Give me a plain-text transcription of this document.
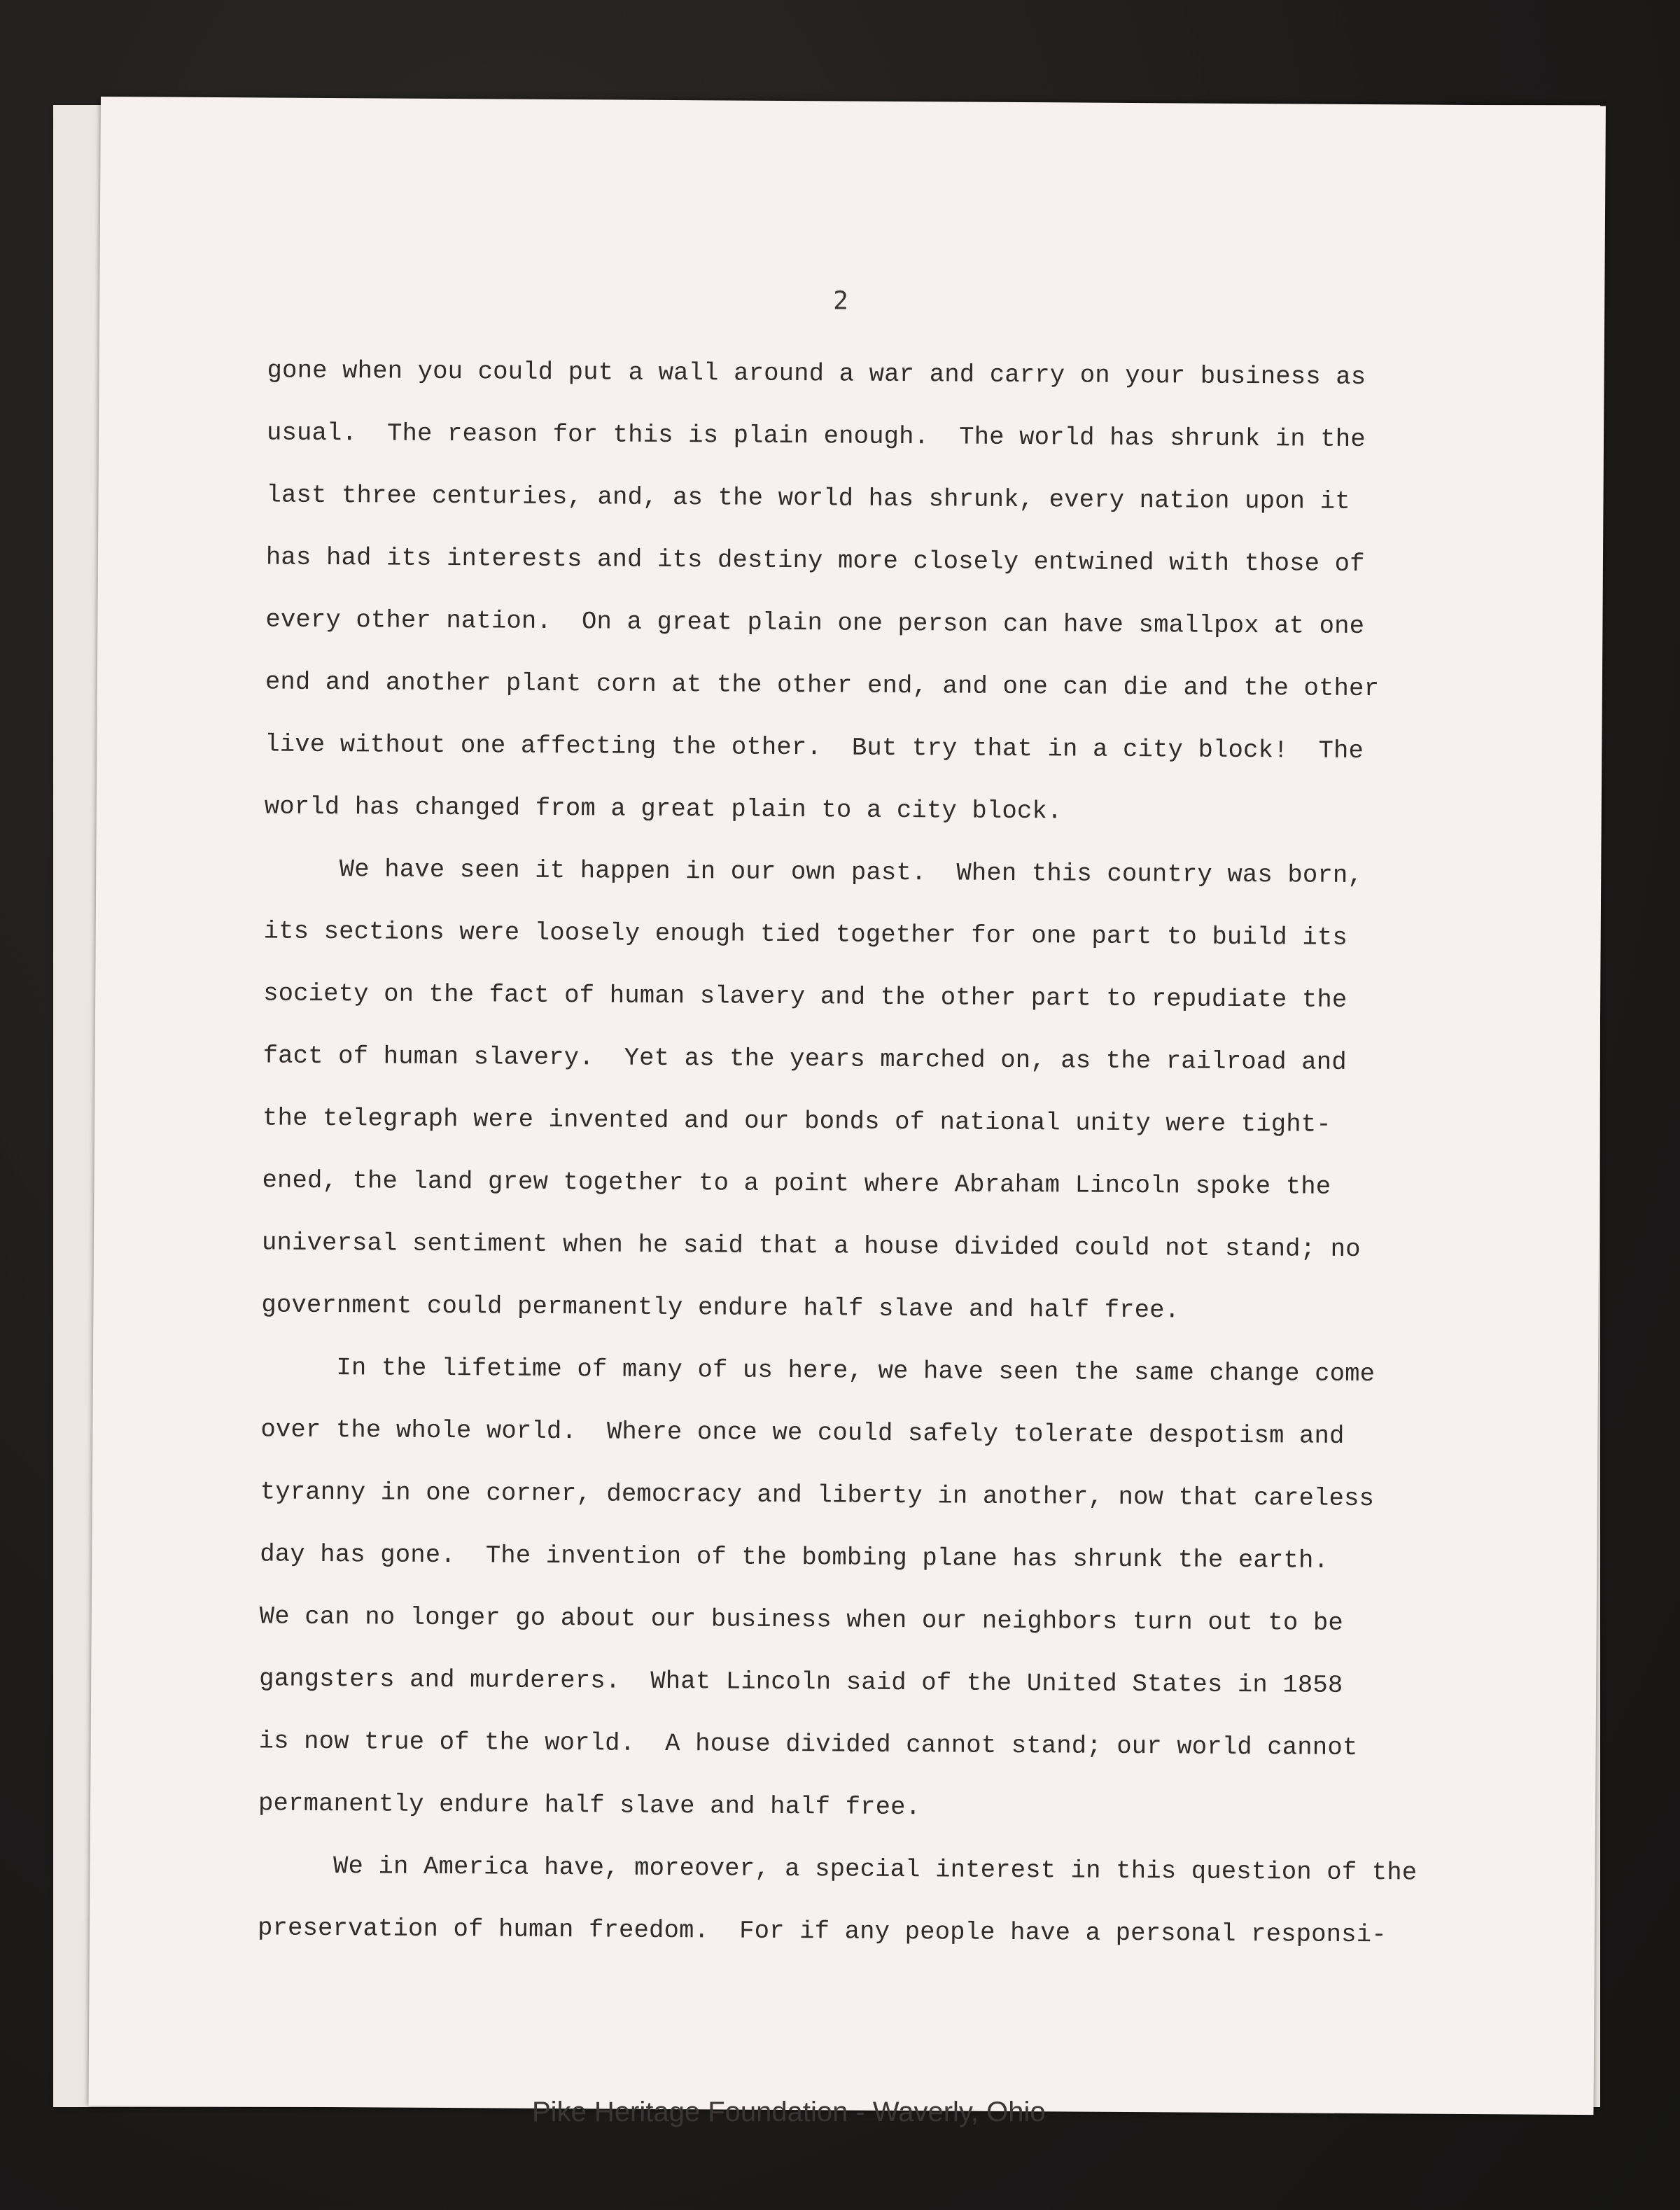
2
gone when you could put a wall around a war and carry on your business as
usual.  The reason for this is plain enough.  The world has shrunk in the
last three centuries, and, as the world has shrunk, every nation upon it
has had its interests and its destiny more closely entwined with those of
every other nation.  On a great plain one person can have smallpox at one
end and another plant corn at the other end, and one can die and the other
live without one affecting the other.  But try that in a city block!  The
world has changed from a great plain to a city block.
We have seen it happen in our own past.  When this country was born,
its sections were loosely enough tied together for one part to build its
society on the fact of human slavery and the other part to repudiate the
fact of human slavery.  Yet as the years marched on, as the railroad and
the telegraph were invented and our bonds of national unity were tight-
ened, the land grew together to a point where Abraham Lincoln spoke the
universal sentiment when he said that a house divided could not stand; no
government could permanently endure half slave and half free.
In the lifetime of many of us here, we have seen the same change come
over the whole world.  Where once we could safely tolerate despotism and
tyranny in one corner, democracy and liberty in another, now that careless
day has gone.  The invention of the bombing plane has shrunk the earth.
We can no longer go about our business when our neighbors turn out to be
gangsters and murderers.  What Lincoln said of the United States in 1858
is now true of the world.  A house divided cannot stand; our world cannot
permanently endure half slave and half free.
We in America have, moreover, a special interest in this question of the
preservation of human freedom.  For if any people have a personal responsi-
Pike Heritage Foundation - Waverly, Ohio
